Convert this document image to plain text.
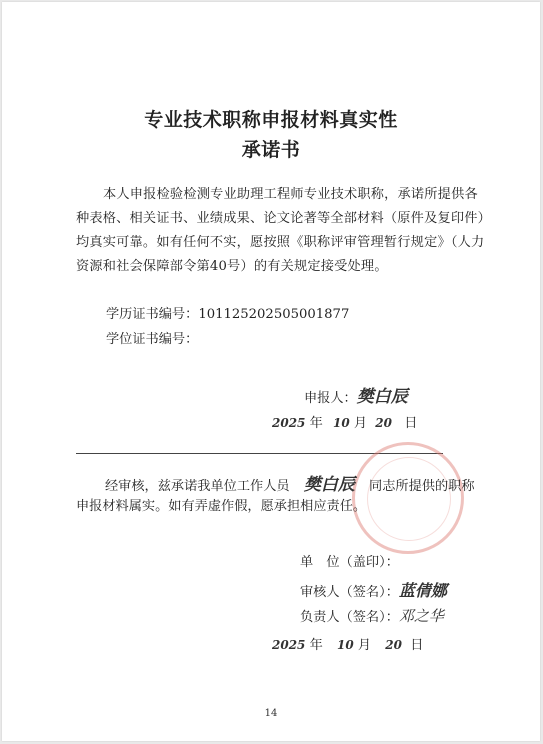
专业技术职称申报材料真实性
承诺书
本人申报检验检测专业助理工程师专业技术职称，承诺所提供各种表格、相关证书、业绩成果、论文论著等全部材料（原件及复印件）均真实可靠。如有任何不实，愿按照《职称评审管理暂行规定》（人力资源和社会保障部令第40号）的有关规定接受处理。
学历证书编号：101125202505001877
学位证书编号：
申报人：樊白辰
2025 年 10 月 20 日
经审核，兹承诺我单位工作人员 樊白辰 同志所提供的职称
申报材料属实。如有弄虚作假，愿承担相应责任。
单　位（盖印）：
审核人（签名）：蓝倩娜
负责人（签名）：邓之华
2025 年 10 月 20 日
14
